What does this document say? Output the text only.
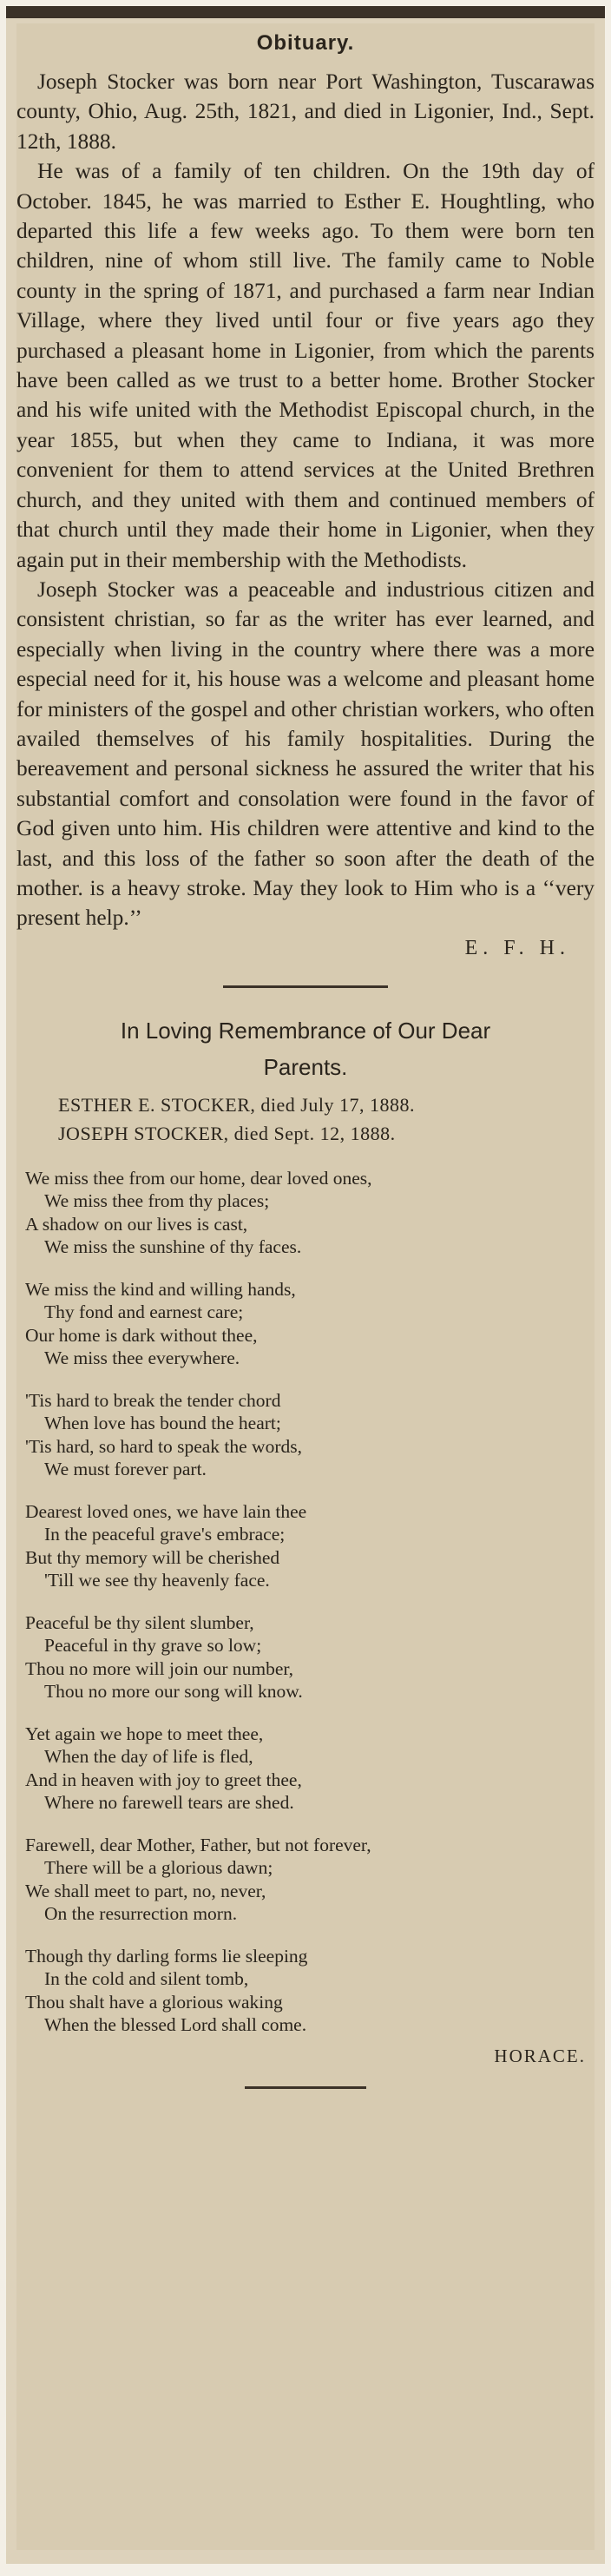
Obituary.

Joseph Stocker was born near Port Washington, Tuscarawas county, Ohio, Aug. 25th, 1821, and died in Ligonier, Ind., Sept. 12th, 1888.

He was of a family of ten children. On the 19th day of October. 1845, he was married to Esther E. Houghtling, who departed this life a few weeks ago. To them were born ten children, nine of whom still live. The family came to Noble county in the spring of 1871, and purchased a farm near Indian Village, where they lived until four or five years ago they purchased a pleasant home in Ligonier, from which the parents have been called as we trust to a better home. Brother Stocker and his wife united with the Methodist Episcopal church, in the year 1855, but when they came to Indiana, it was more convenient for them to attend services at the United Brethren church, and they united with them and continued members of that church until they made their home in Ligonier, when they again put in their membership with the Methodists.

Joseph Stocker was a peaceable and industrious citizen and consistent christian, so far as the writer has ever learned, and especially when living in the country where there was a more especial need for it, his house was a welcome and pleasant home for ministers of the gospel and other christian workers, who often availed themselves of his family hospitalities. During the bereavement and personal sickness he assured the writer that his substantial comfort and consolation were found in the favor of God given unto him. His children were attentive and kind to the last, and this loss of the father so soon after the death of the mother. is a heavy stroke. May they look to Him who is a ‘‘very present help.’’

E. F. H.

In Loving Remembrance of Our Dear
Parents.
ESTHER E. STOCKER, died July 17, 1888.
JOSEPH STOCKER, died Sept. 12, 1888.
We miss thee from our home, dear loved ones,
We miss thee from thy places;
A shadow on our lives is cast,
We miss the sunshine of thy faces.
We miss the kind and willing hands,
Thy fond and earnest care;
Our home is dark without thee,
We miss thee everywhere.
'Tis hard to break the tender chord
When love has bound the heart;
'Tis hard, so hard to speak the words,
We must forever part.
Dearest loved ones, we have lain thee
In the peaceful grave's embrace;
But thy memory will be cherished
'Till we see thy heavenly face.
Peaceful be thy silent slumber,
Peaceful in thy grave so low;
Thou no more will join our number,
Thou no more our song will know.
Yet again we hope to meet thee,
When the day of life is fled,
And in heaven with joy to greet thee,
Where no farewell tears are shed.
Farewell, dear Mother, Father, but not forever,
There will be a glorious dawn;
We shall meet to part, no, never,
On the resurrection morn.
Though thy darling forms lie sleeping
In the cold and silent tomb,
Thou shalt have a glorious waking
When the blessed Lord shall come.
HORACE.
